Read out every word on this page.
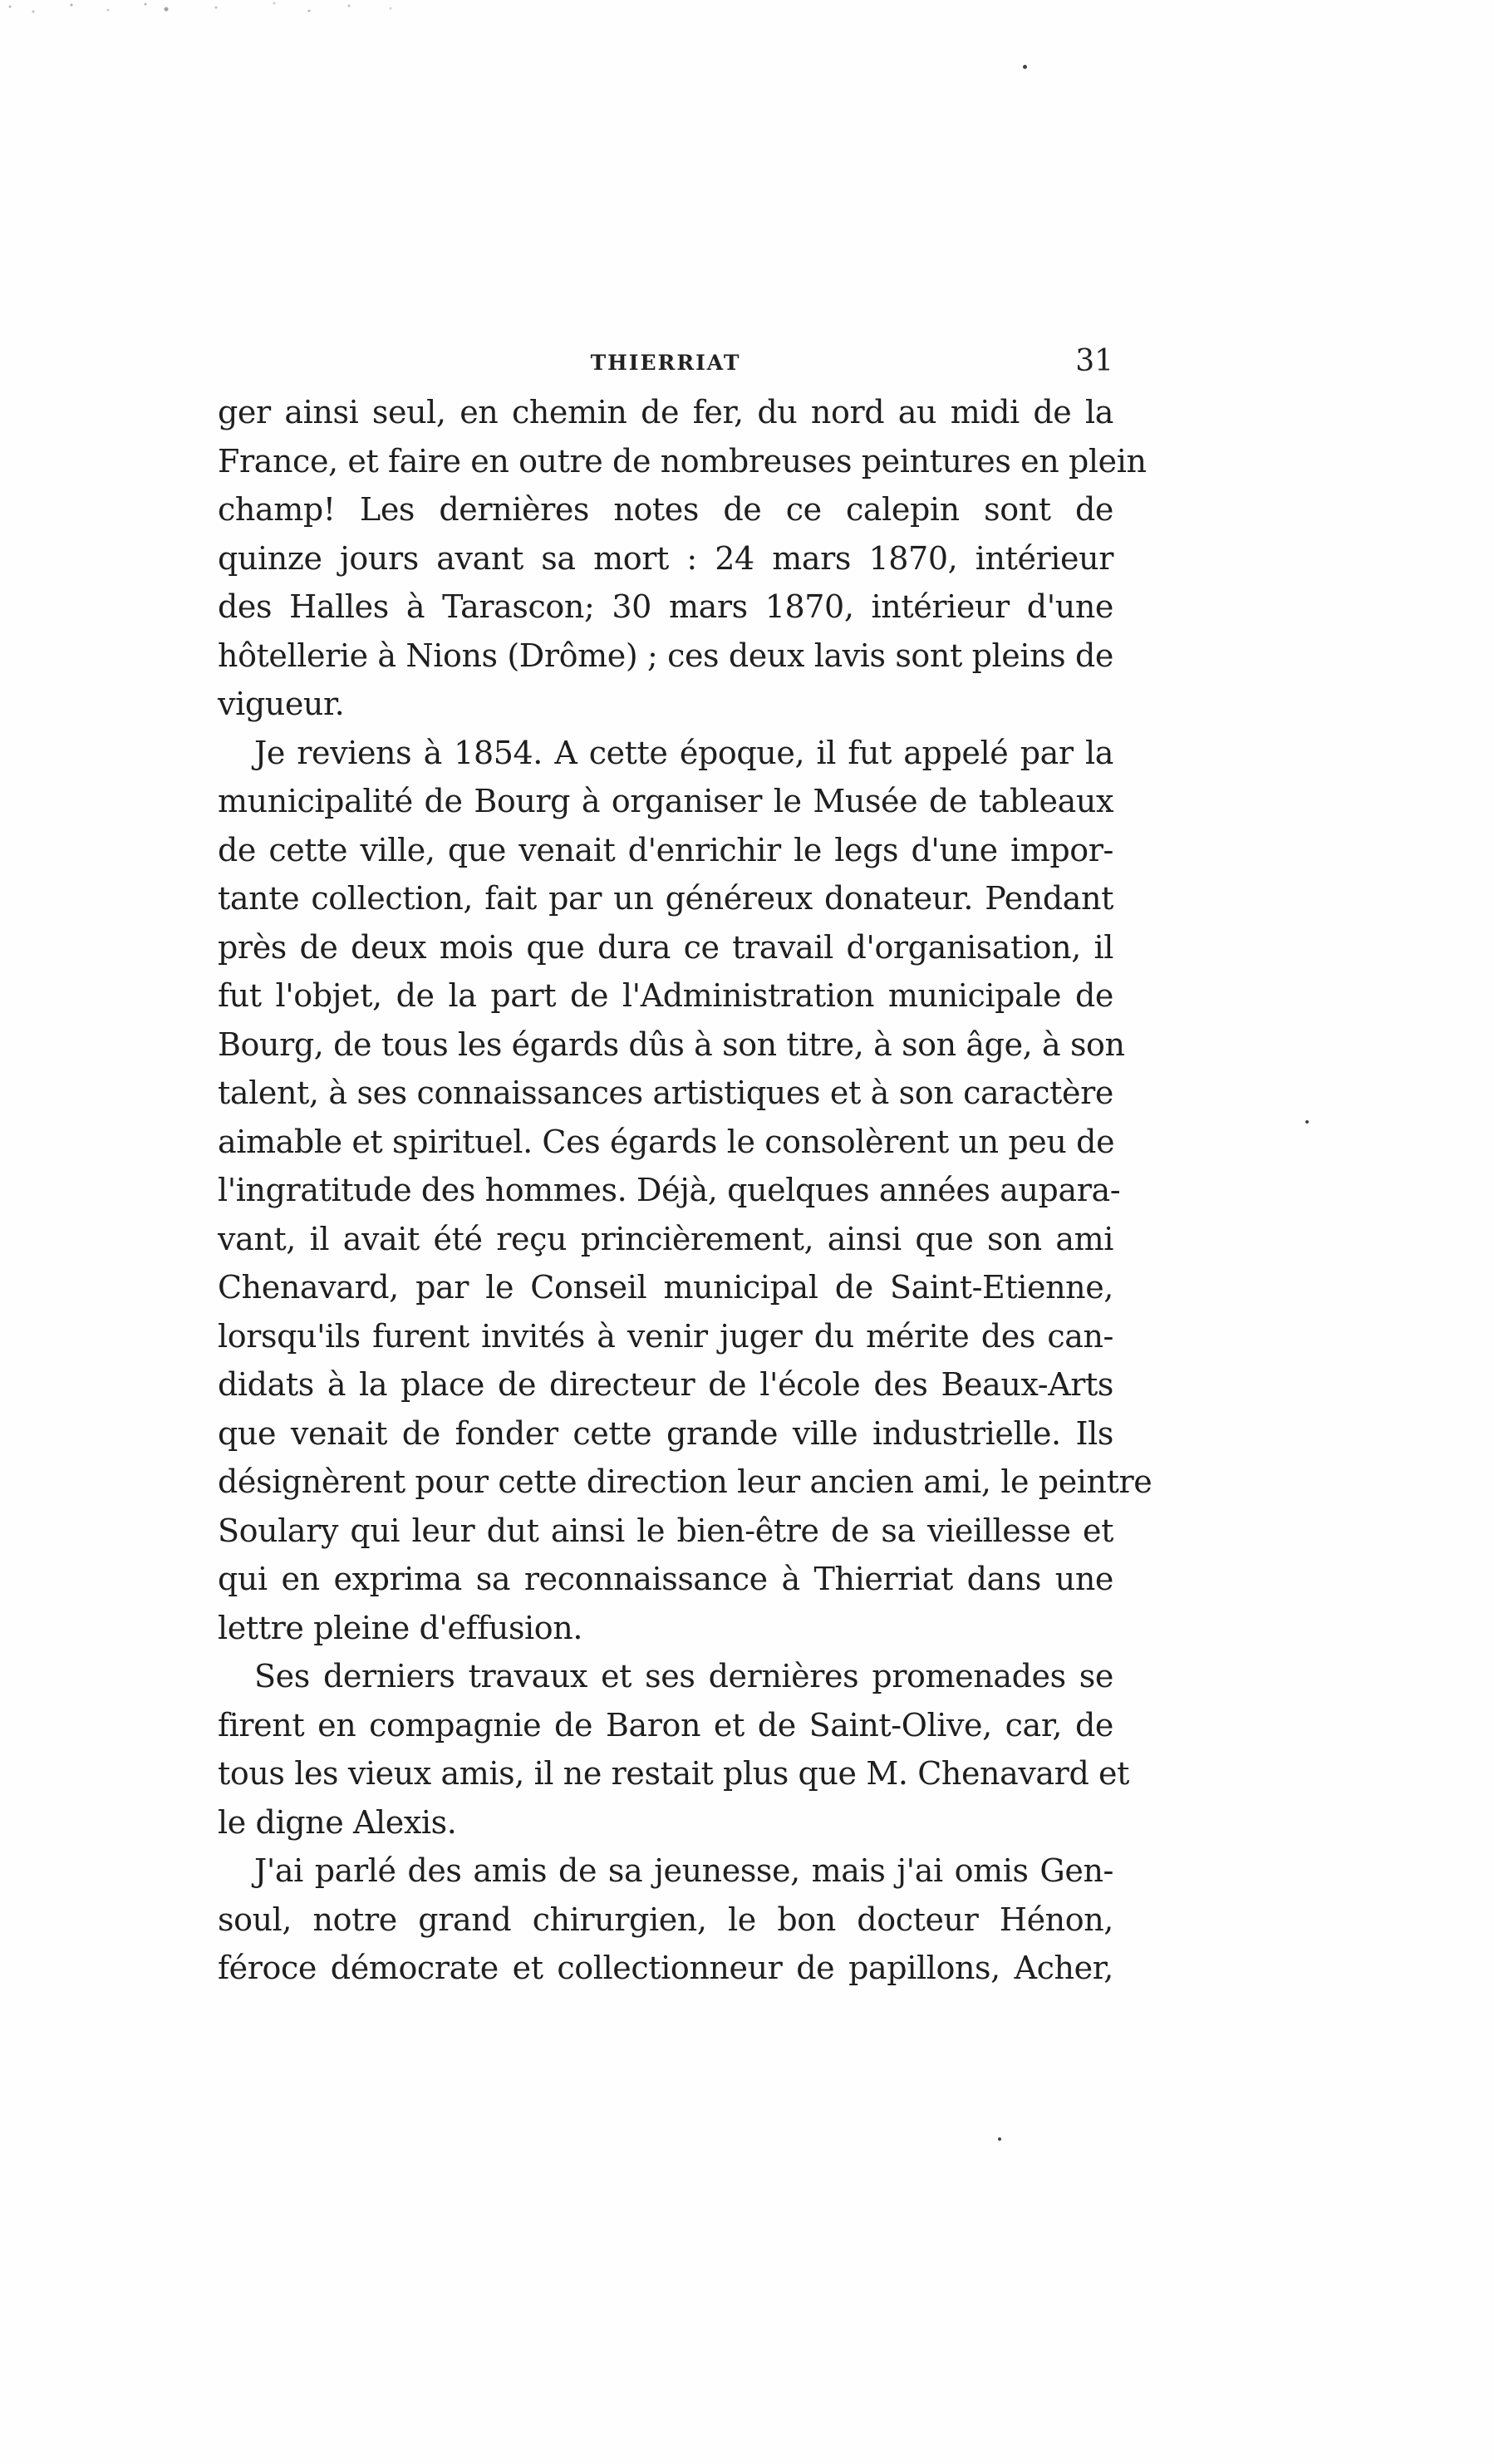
THIERRIAT	31
ger ainsi seul, en chemin de fer, du nord au midi de la
France, et faire en outre de nombreuses peintures en plein
champ! Les dernières notes de ce calepin sont de
quinze jours avant sa mort : 24 mars 1870, intérieur
des Halles à Tarascon; 30 mars 1870, intérieur d'une
hôtellerie à Nions (Drôme) ; ces deux lavis sont pleins de
vigueur.
Je reviens à 1854. A cette époque, il fut appelé par la
municipalité de Bourg à organiser le Musée de tableaux
de cette ville, que venait d'enrichir le legs d'une impor-
tante collection, fait par un généreux donateur. Pendant
près de deux mois que dura ce travail d'organisation, il
fut l'objet, de la part de l'Administration municipale de
Bourg, de tous les égards dûs à son titre, à son âge, à son
talent, à ses connaissances artistiques et à son caractère
aimable et spirituel. Ces égards le consolèrent un peu de
l'ingratitude des hommes. Déjà, quelques années aupara-
vant, il avait été reçu princièrement, ainsi que son ami
Chenavard, par le Conseil municipal de Saint-Etienne,
lorsqu'ils furent invités à venir juger du mérite des can-
didats à la place de directeur de l'école des Beaux-Arts
que venait de fonder cette grande ville industrielle. Ils
désignèrent pour cette direction leur ancien ami, le peintre
Soulary qui leur dut ainsi le bien-être de sa vieillesse et
qui en exprima sa reconnaissance à Thierriat dans une
lettre pleine d'effusion.
Ses derniers travaux et ses dernières promenades se
firent en compagnie de Baron et de Saint-Olive, car, de
tous les vieux amis, il ne restait plus que M. Chenavard et
le digne Alexis.
J'ai parlé des amis de sa jeunesse, mais j'ai omis Gen-
soul, notre grand chirurgien, le bon docteur Hénon,
féroce démocrate et collectionneur de papillons, Acher,
